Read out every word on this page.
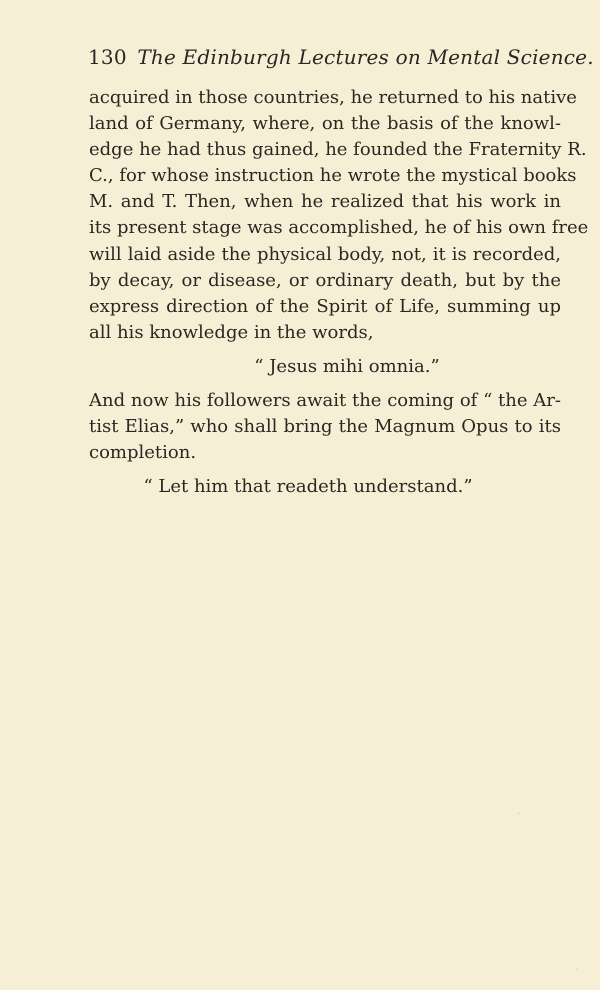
130 The Edinburgh Lectures on Mental Science.
acquired in those countries, he returned to his native
land of Germany, where, on the basis of the knowl-
edge he had thus gained, he founded the Fraternity R.
C., for whose instruction he wrote the mystical books
M. and T. Then, when he realized that his work in
its present stage was accomplished, he of his own free
will laid aside the physical body, not, it is recorded,
by decay, or disease, or ordinary death, but by the
express direction of the Spirit of Life, summing up
all his knowledge in the words,
“ Jesus mihi omnia.”
And now his followers await the coming of “ the Ar-
tist Elias,” who shall bring the Magnum Opus to its
completion.
“ Let him that readeth understand.”
